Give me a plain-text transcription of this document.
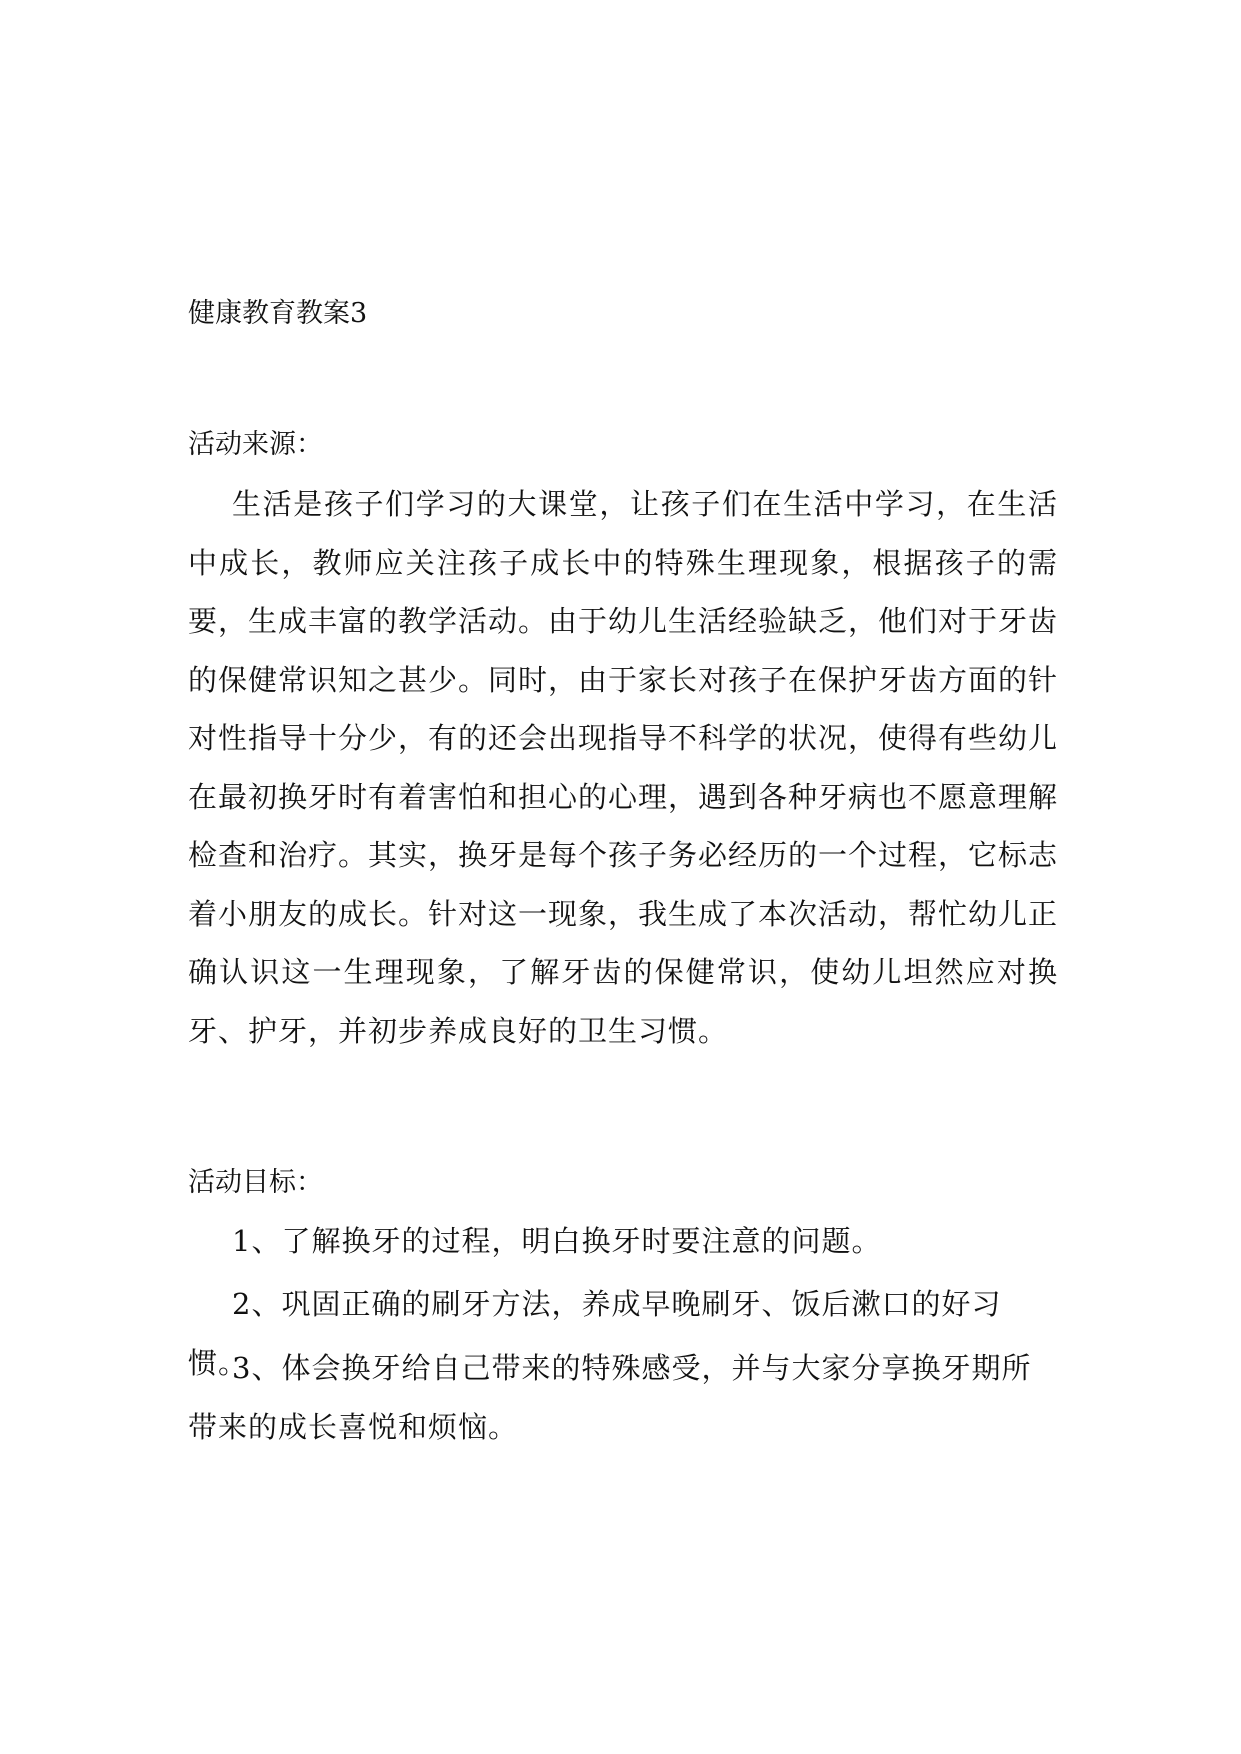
健康教育教案3
活动来源：

生活是孩子们学习的大课堂，让孩子们在生活中学习，在生活中成长，教师应关注孩子成长中的特殊生理现象，根据孩子的需要，生成丰富的教学活动。由于幼儿生活经验缺乏，他们对于牙齿的保健常识知之甚少。同时，由于家长对孩子在保护牙齿方面的针对性指导十分少，有的还会出现指导不科学的状况，使得有些幼儿在最初换牙时有着害怕和担心的心理，遇到各种牙病也不愿意理解检查和治疗。其实，换牙是每个孩子务必经历的一个过程，它标志着小朋友的成长。针对这一现象，我生成了本次活动，帮忙幼儿正确认识这一生理现象，了解牙齿的保健常识，使幼儿坦然应对换牙、护牙，并初步养成良好的卫生习惯。

活动目标：

1、了解换牙的过程，明白换牙时要注意的问题。

2、巩固正确的刷牙方法，养成早晚刷牙、饭后漱口的好习惯。

3、体会换牙给自己带来的特殊感受，并与大家分享换牙期所带来的成长喜悦和烦恼。
